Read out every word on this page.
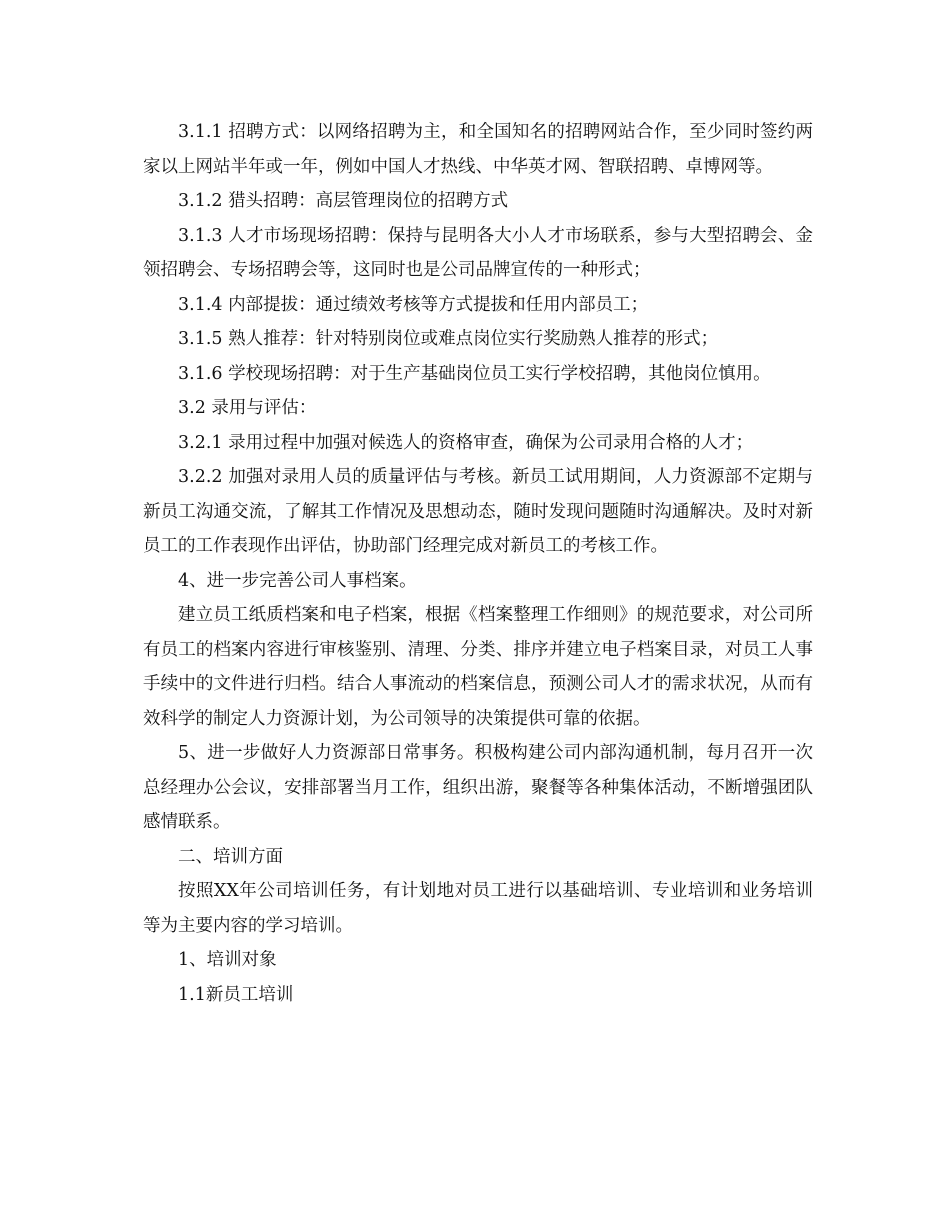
3.1.1 招聘方式：以网络招聘为主，和全国知名的招聘网站合作，至少同时签约两家以上网站半年或一年，例如中国人才热线、中华英才网、智联招聘、卓博网等。

3.1.2 猎头招聘：高层管理岗位的招聘方式

3.1.3 人才市场现场招聘：保持与昆明各大小人才市场联系，参与大型招聘会、金领招聘会、专场招聘会等，这同时也是公司品牌宣传的一种形式；

3.1.4 内部提拔：通过绩效考核等方式提拔和任用内部员工；

3.1.5 熟人推荐：针对特别岗位或难点岗位实行奖励熟人推荐的形式；

3.1.6 学校现场招聘：对于生产基础岗位员工实行学校招聘，其他岗位慎用。

3.2 录用与评估：

3.2.1 录用过程中加强对候选人的资格审查，确保为公司录用合格的人才；

3.2.2 加强对录用人员的质量评估与考核。新员工试用期间，人力资源部不定期与新员工沟通交流，了解其工作情况及思想动态，随时发现问题随时沟通解决。及时对新员工的工作表现作出评估，协助部门经理完成对新员工的考核工作。

4、进一步完善公司人事档案。

建立员工纸质档案和电子档案，根据《档案整理工作细则》的规范要求，对公司所有员工的档案内容进行审核鉴别、清理、分类、排序并建立电子档案目录，对员工人事手续中的文件进行归档。结合人事流动的档案信息，预测公司人才的需求状况，从而有效科学的制定人力资源计划，为公司领导的决策提供可靠的依据。

5、进一步做好人力资源部日常事务。积极构建公司内部沟通机制，每月召开一次总经理办公会议，安排部署当月工作，组织出游，聚餐等各种集体活动，不断增强团队感情联系。

二、培训方面

按照XX年公司培训任务，有计划地对员工进行以基础培训、专业培训和业务培训等为主要内容的学习培训。

1、培训对象

1.1新员工培训
